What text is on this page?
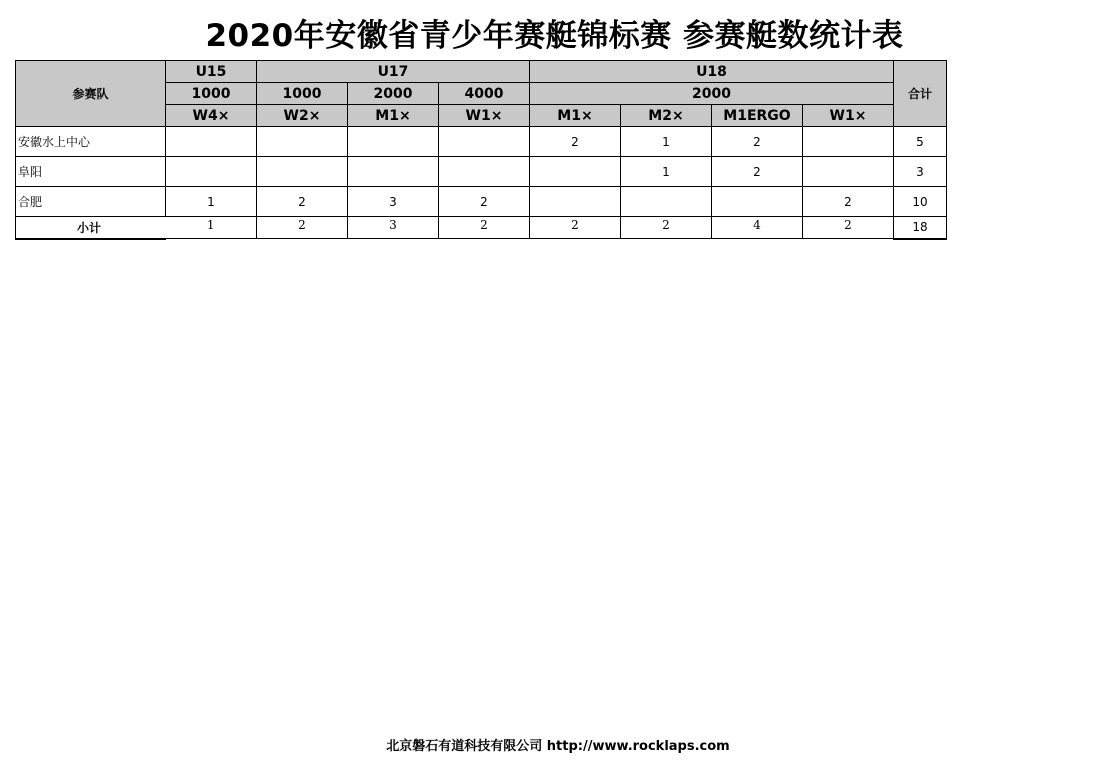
2020年安徽省青少年赛艇锦标赛 参赛艇数统计表
参赛队	U15	U17			U18				合计
	1000	1000	2000	4000	2000				
	W4×	W2×	M1×	W1×	M1×	M2×	M1ERGO	W1×	
安徽水上中心					2	1	2		5
阜阳						1	2		3
合肥	1	2	3	2				2	10
小计	1	2	3	2	2	2	4	2	18
北京磐石有道科技有限公司 http://www.rocklaps.com
